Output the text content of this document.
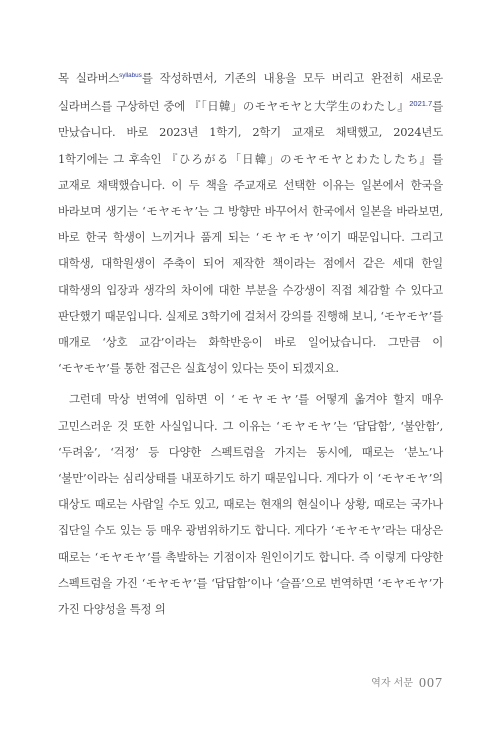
목 실라버스$^{syllabus}$를 작성하면서, 기존의 내용을 모두 버리고 완전히 새로운 실라버스를 구상하던 중에 『「日韓」のモヤモヤと大学生のわたし』$^{2021.7}$를 만났습니다. 바로 2023년 1학기, 2학기 교재로 채택했고, 2024년도 1학기에는 그 후속인 『ひろがる「日韓」のモヤモヤとわたしたち』를 교재로 채택했습니다. 이 두 책을 주교재로 선택한 이유는 일본에서 한국을 바라보며 생기는 ‘モヤモヤ’는 그 방향만 바꾸어서 한국에서 일본을 바라보면, 바로 한국 학생이 느끼거나 품게 되는 ‘モヤモヤ’이기 때문입니다. 그리고 대학생, 대학원생이 주축이 되어 제작한 책이라는 점에서 같은 세대 한일 대학생의 입장과 생각의 차이에 대한 부분을 수강생이 직접 체감할 수 있다고 판단했기 때문입니다. 실제로 3학기에 걸쳐서 강의를 진행해 보니, ‘モヤモヤ’를 매개로 ‘상호 교감’이라는 화학반응이 바로 일어났습니다. 그만큼 이 ‘モヤモヤ’를 통한 접근은 실효성이 있다는 뜻이 되겠지요.

그런데 막상 번역에 임하면 이 ‘モヤモヤ’를 어떻게 옮겨야 할지 매우 고민스러운 것 또한 사실입니다. 그 이유는 ‘モヤモヤ’는 ‘답답함’, ‘불안함’, ‘두려움’, ‘걱정’ 등 다양한 스펙트럼을 가지는 동시에, 때로는 ‘분노’나 ‘불만’이라는 심리상태를 내포하기도 하기 때문입니다. 게다가 이 ‘モヤモヤ’의 대상도 때로는 사람일 수도 있고, 때로는 현재의 현실이나 상황, 때로는 국가나 집단일 수도 있는 등 매우 광범위하기도 합니다. 게다가 ‘モヤモヤ’라는 대상은 때로는 ‘モヤモヤ’를 촉발하는 기점이자 원인이기도 합니다. 즉 이렇게 다양한 스펙트럼을 가진 ‘モヤモヤ’를 ‘답답함’이나 ‘슬픔’으로 번역하면 ‘モヤモヤ’가 가진 다양성을 특정 의

역자 서문 007
